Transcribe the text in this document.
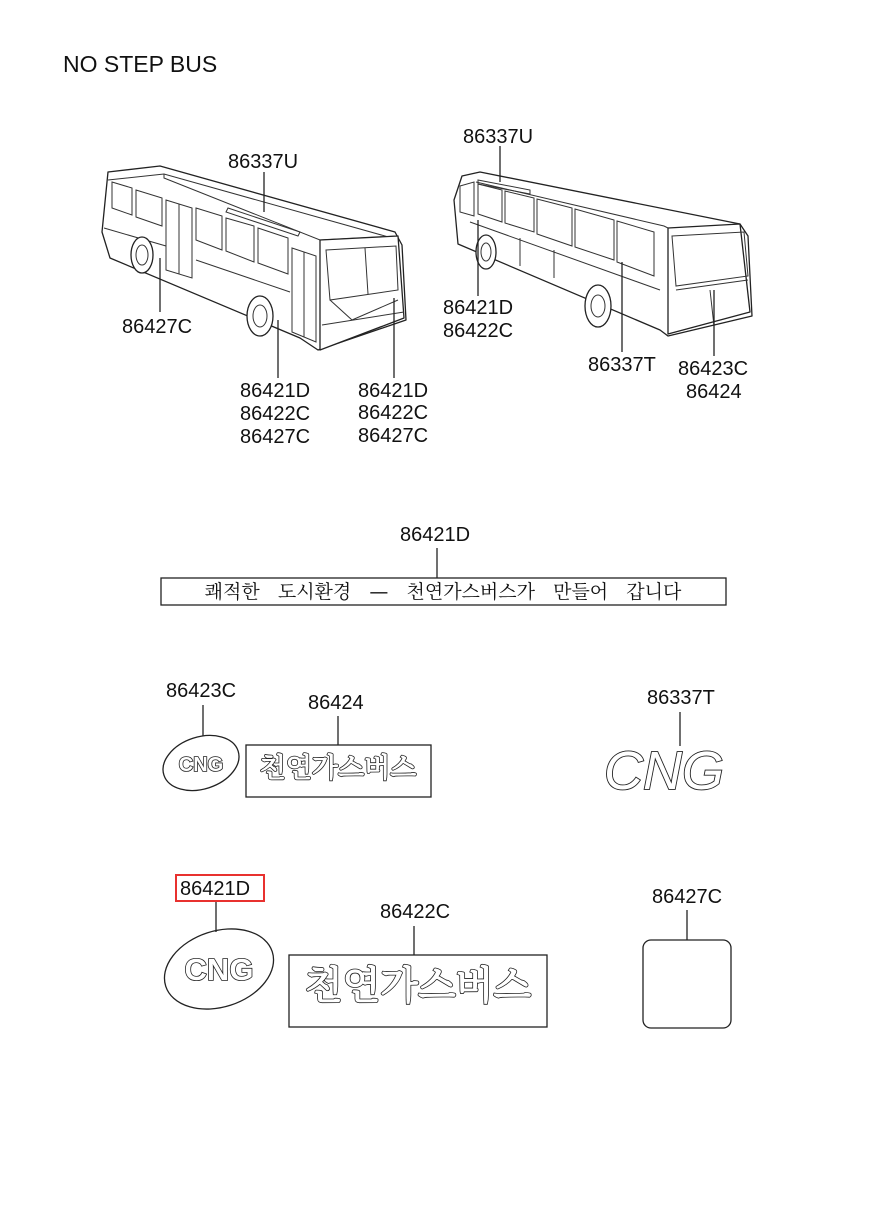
NO STEP BUS
86337U
86427C
86421D
86422C
86427C
86421D
86422C
86427C
86337U
86421D
86422C
86337T 86423C
86424
86421D
쾌적한   도시환경   —   천연가스버스가   만들어   갑니다
86423C
CNG
86424
천연가스버스
86337T
CNG
86421D
CNG
86422C
천연가스버스
86427C
